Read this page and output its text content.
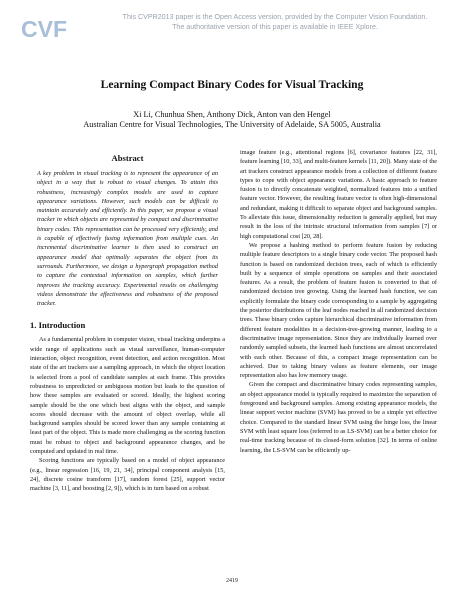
CVF	This CVPR2013 paper is the Open Access version, provided by the Computer Vision Foundation.
The authoritative version of this paper is available in IEEE Xplore.
Learning Compact Binary Codes for Visual Tracking
Xi Li, Chunhua Shen, Anthony Dick, Anton van den Hengel
Australian Centre for Visual Technologies, The University of Adelaide, SA 5005, Australia
Abstract

A key problem in visual tracking is to represent the appearance of an object in a way that is robust to visual changes. To attain this robustness, increasingly complex models are used to capture appearance variations. However, such models can be difficult to maintain accurately and efficiently. In this paper, we propose a visual tracker in which objects are represented by compact and discriminative binary codes. This representation can be processed very efficiently, and is capable of effectively fusing information from multiple cues. An incremental discriminative learner is then used to construct an appearance model that optimally separates the object from its surrounds. Furthermore, we design a hypergraph propagation method to capture the contextual information on samples, which further improves the tracking accuracy. Experimental results on challenging videos demonstrate the effectiveness and robustness of the proposed tracker.

1. Introduction

As a fundamental problem in computer vision, visual tracking underpins a wide range of applications such as visual surveillance, human-computer interaction, object recognition, event detection, and action recognition. Most state of the art trackers use a sampling approach, in which the object location is selected from a pool of candidate samples at each frame. This provides robustness to unpredicted or ambiguous motion but leads to the question of how these samples are evaluated or scored. Ideally, the highest scoring sample should be the one which best aligns with the object, and sample scores should decrease with the amount of object overlap, while all background samples should be scored lower than any sample containing at least part of the object. This is made more challenging as the scoring function must be robust to object and background appearance changes, and be computed and updated in real time.

Scoring functions are typically based on a model of object appearance (e.g., linear regression [16, 19, 21, 34], principal component analysis [15, 24], discrete cosine transform [17], random forest [25], support vector machine [3, 11], and boosting [2, 9]), which is in turn based on a robust

image feature (e.g., attentional regions [6], covariance features [22, 31], feature learning [10, 33], and multi-feature kernels [11, 20]). Many state of the art trackers construct appearance models from a collection of different feature types to cope with object appearance variations. A basic approach to feature fusion is to directly concatenate weighted, normalized features into a unified feature vector. However, the resulting feature vector is often high-dimensional and redundant, making it difficult to separate object and background samples. To alleviate this issue, dimensionality reduction is generally applied, but may result in the loss of the intrinsic structural information from samples [7] or high computational cost [20, 28].

We propose a hashing method to perform feature fusion by reducing multiple feature descriptors to a single binary code vector. The proposed hash function is based on randomized decision trees, each of which is efficiently built by a sequence of simple operations on samples and their associated features. As a result, the problem of feature fusion is converted to that of randomized decision tree growing. Using the learned hash function, we can explicitly formulate the binary code corresponding to a sample by aggregating the posterior distributions of the leaf nodes reached in all randomized decision trees. These binary codes capture hierarchical discriminative information from different feature modalities in a decision-tree-growing manner, leading to a discriminative image representation. Since they are individually learned over randomly sampled subsets, the learned hash functions are almost uncorrelated with each other. Because of this, a compact image representation can be achieved. Due to taking binary values as feature elements, our image representation also has low memory usage.

Given the compact and discriminative binary codes representing samples, an object appearance model is typically required to maximize the separation of foreground and background samples. Among existing appearance models, the linear support vector machine (SVM) has proved to be a simple yet effective choice. Compared to the standard linear SVM using the hinge loss, the linear SVM with least square loss (referred to as LS-SVM) can be a better choice for real-time tracking because of its closed-form solution [32]. In terms of online learning, the LS-SVM can be efficiently up-

2419
